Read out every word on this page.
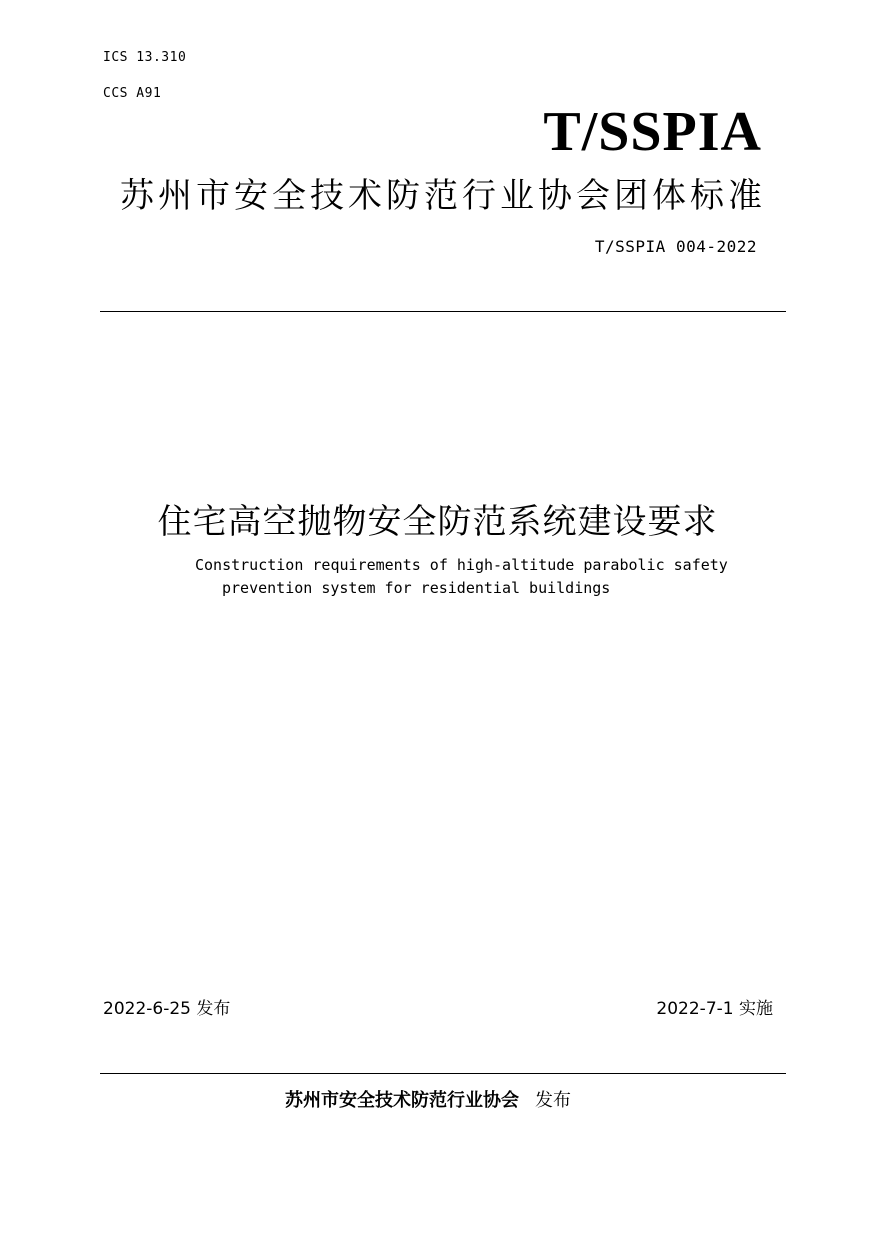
ICS 13.310
CCS A91
T/SSPIA
苏州市安全技术防范行业协会团体标准
T/SSPIA 004-2022
住宅高空抛物安全防范系统建设要求
Construction requirements of high-altitude parabolic safety
prevention system for residential buildings
2022-6-25 发布	2022-7-1 实施
苏州市安全技术防范行业协会 发布
